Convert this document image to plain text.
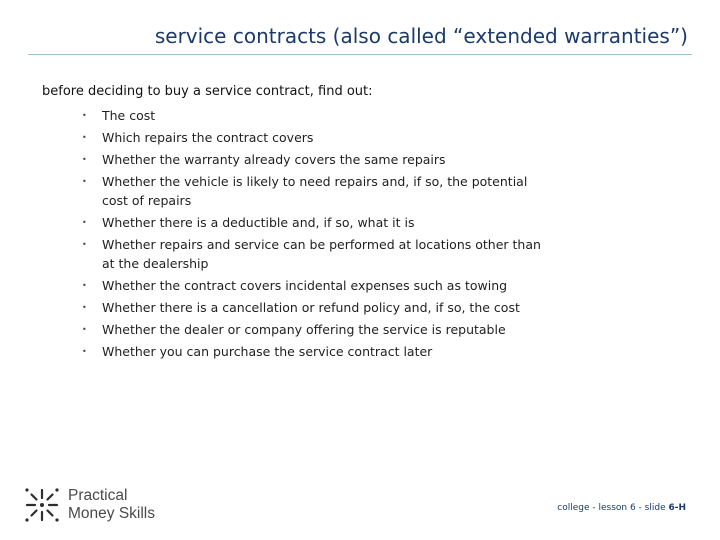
service contracts (also called “extended warranties”)
before deciding to buy a service contract, find out:
• The cost
• Which repairs the contract covers
• Whether the warranty already covers the same repairs
• Whether the vehicle is likely to need repairs and, if so, the potential
cost of repairs
• Whether there is a deductible and, if so, what it is
• Whether repairs and service can be performed at locations other than
at the dealership
• Whether the contract covers incidental expenses such as towing
• Whether there is a cancellation or refund policy and, if so, the cost
• Whether the dealer or company offering the service is reputable
• Whether you can purchase the service contract later
Practical
Money Skills	college - lesson 6 - slide 6-H
